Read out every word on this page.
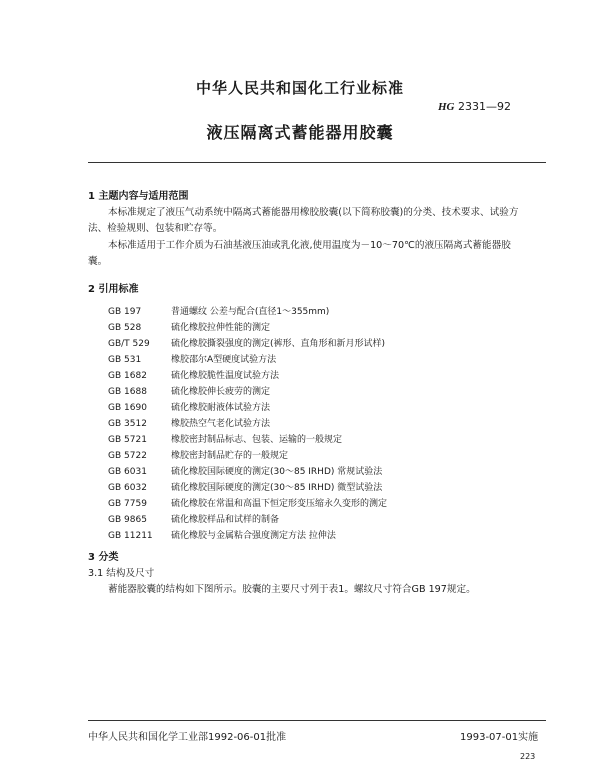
中华人民共和国化工行业标准
HG 2331—92
液压隔离式蓄能器用胶囊
1 主题内容与适用范围
本标准规定了液压气动系统中隔离式蓄能器用橡胶胶囊(以下简称胶囊)的分类、技术要求、试验方
法、检验规则、包装和贮存等。
本标准适用于工作介质为石油基液压油或乳化液,使用温度为－10～70℃的液压隔离式蓄能器胶
囊。
2 引用标准
GB 197	普通螺纹 公差与配合(直径1～355mm)
GB 528	硫化橡胶拉伸性能的测定
GB/T 529 硫化橡胶撕裂强度的测定(裤形、直角形和新月形试样)
GB 531	橡胶邵尔A型硬度试验方法
GB 1682	硫化橡胶脆性温度试验方法
GB 1688	硫化橡胶伸长疲劳的测定
GB 1690	硫化橡胶耐液体试验方法
GB 3512	橡胶热空气老化试验方法
GB 5721	橡胶密封制品标志、包装、运输的一般规定
GB 5722	橡胶密封制品贮存的一般规定
GB 6031	硫化橡胶国际硬度的测定(30～85 IRHD) 常规试验法
GB 6032	硫化橡胶国际硬度的测定(30～85 IRHD) 微型试验法
GB 7759	硫化橡胶在常温和高温下恒定形变压缩永久变形的测定
GB 9865	硫化橡胶样品和试样的制备
GB 11211 硫化橡胶与金属粘合强度测定方法 拉伸法
3 分类
3.1 结构及尺寸
蓄能器胶囊的结构如下图所示。胶囊的主要尺寸列于表1。螺纹尺寸符合GB 197规定。
中华人民共和国化学工业部1992-06-01批准	1993-07-01实施
223
